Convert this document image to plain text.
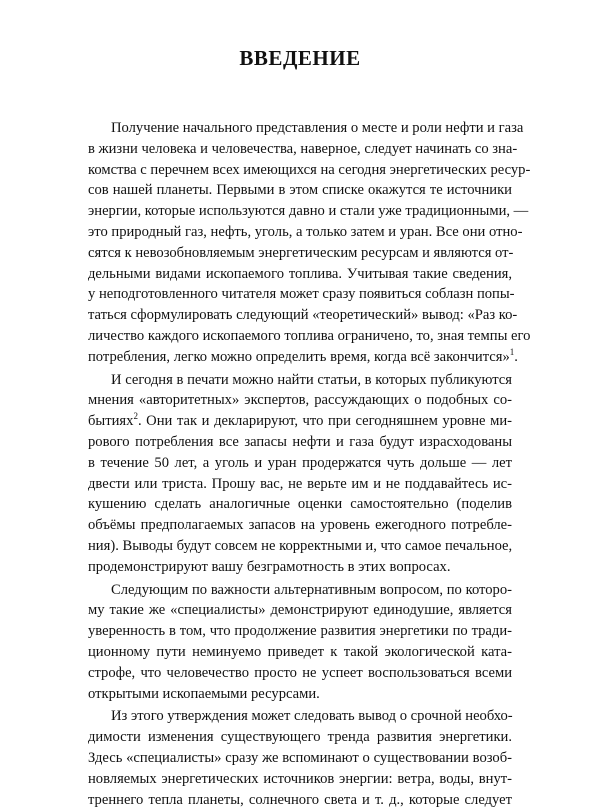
ВВЕДЕНИЕ
Получение начального представления о месте и роли нефти и газа
в жизни человека и человечества, наверное, следует начинать со зна-
комства с перечнем всех имеющихся на сегодня энергетических ресур-
сов нашей планеты. Первыми в этом списке окажутся те источники
энергии, которые используются давно и стали уже традиционными, —
это природный газ, нефть, уголь, а только затем и уран. Все они отно-
сятся к невозобновляемым энергетическим ресурсам и являются от-
дельными видами ископаемого топлива. Учитывая такие сведения,
у неподготовленного читателя может сразу появиться соблазн попы-
таться сформулировать следующий «теоретический» вывод: «Раз ко-
личество каждого ископаемого топлива ограничено, то, зная темпы его
потребления, легко можно определить время, когда всё закончится»$^1$.
И сегодня в печати можно найти статьи, в которых публикуются
мнения «авторитетных» экспертов, рассуждающих о подобных со-
бытиях$^2$. Они так и декларируют, что при сегодняшнем уровне ми-
рового потребления все запасы нефти и газа будут израсходованы
в течение 50 лет, а уголь и уран продержатся чуть дольше — лет
двести или триста. Прошу вас, не верьте им и не поддавайтесь ис-
кушению сделать аналогичные оценки самостоятельно (поделив
объёмы предполагаемых запасов на уровень ежегодного потребле-
ния). Выводы будут совсем не корректными и, что самое печальное,
продемонстрируют вашу безграмотность в этих вопросах.
Следующим по важности альтернативным вопросом, по которо-
му такие же «специалисты» демонстрируют единодушие, является
уверенность в том, что продолжение развития энергетики по тради-
ционному пути неминуемо приведет к такой экологической ката-
строфе, что человечество просто не успеет воспользоваться всеми
открытыми ископаемыми ресурсами.
Из этого утверждения может следовать вывод о срочной необхо-
димости изменения существующего тренда развития энергетики.
Здесь «специалисты» сразу же вспоминают о существовании возоб-
новляемых энергетических источников энергии: ветра, воды, внут-
треннего тепла планеты, солнечного света и т. д., которые следует
